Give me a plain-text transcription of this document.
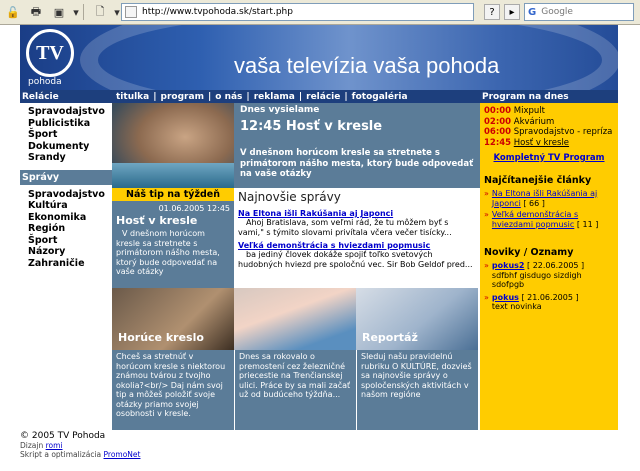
🔓 🖶	▣ ▾	🗋 ▾ http://www.tvpohoda.sk/start.php	?	▸	G Google
TV
pohoda
vaša televízia vaša pohoda
Relácie	titulka | program | o nás | reklama | relácie | fotogaléria	Program na dnes
Spravodajstvo
Publicistika
Šport
Dokumenty
Srandy
Správy
Spravodajstvo
Kultúra
Ekonomika
Región
Šport
Názory
Zahraničie
Dnes vysielame
12:45 Hosť v kresle
V dnešnom horúcom kresle sa stretnete s primátorom nášho mesta, ktorý bude odpovedať na vaše otázky
Náš tip na týždeň
01.06.2005 12:45
Hosť v kresle
V dnešnom horúcom kresle sa stretnete s primátorom nášho mesta, ktorý bude odpovedať na vaše otázky
Najnovšie správy
Na Eltona išli Rakúšania aj Japonci

Ahoj Bratislava, som veľmi rád, že tu môžem byť s vami," s týmito slovami privítala včera večer tisícky...

Veľká demonštrácia s hviezdami popmusic

ba jediný človek dokáže spojiť toľko svetových hudobných hviezd pre spoločnú vec. Sir Bob Geldof pred...

Horúce kreslo	Reportáž
Chceš sa stretnúť v horúcom kresle s niektorou známou tvárou z tvojho okolia?<br/> Daj nám svoj tip a môžeš položiť svoje otázky priamo svojej osobnosti v kresle.
Dnes sa rokovalo o premostení cez železničné priecestie na Trenčianskej ulici. Práce by sa mali začať už od budúceho týždňa...
Sleduj našu pravidelnú rubriku O KULTÚRE, dozvieš sa najnovšie správy o spoločenských aktivitách v našom regióne
00:00 Mixpult
02:00 Akvárium
06:00 Spravodajstvo - repríza
12:45 Hosť v kresle
Kompletný TV Program
Najčítanejšie články
» Na Eltona išli Rakúšania aj Japonci [ 66 ]
» Veľká demonštrácia s hviezdami popmusic [ 11 ]
Noviky / Oznamy
» pokus2 [ 22.06.2005 ]
sdfbhf gisdugo sizdigh sdofpgb
» pokus [ 21.06.2005 ]
text novinka
© 2005 TV Pohoda
Dizajn romi
Skript a optimalizácia PromoNet
